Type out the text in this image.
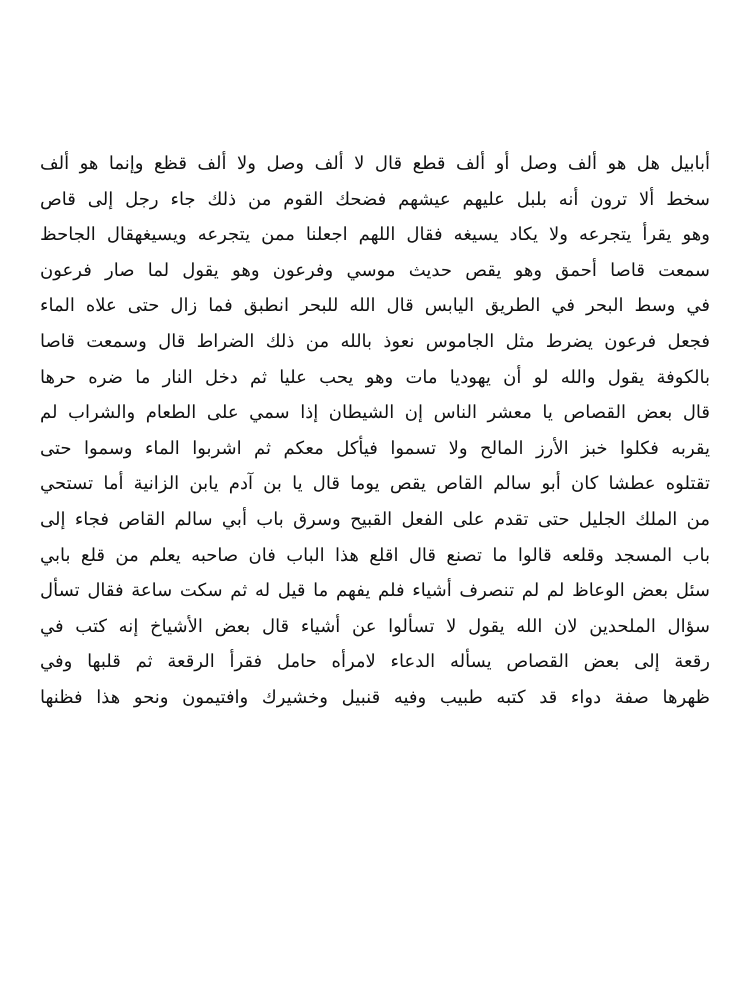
أبابيل هل هو ألف وصل أو ألف قطع قال لا ألف وصل ولا ألف قظع وإنما هو ألف
سخط ألا ترون أنه بلبل عليهم عيشهم فضحك القوم من ذلك جاء رجل إلى قاص
وهو يقرأ يتجرعه ولا يكاد يسيغه فقال اللهم اجعلنا ممن يتجرعه ويسيغهقال الجاحظ
سمعت قاصا أحمق وهو يقص حديث موسي وفرعون وهو يقول لما صار فرعون
في وسط البحر في الطريق اليابس قال الله للبحر انطبق فما زال حتى علاه الماء
فجعل فرعون يضرط مثل الجاموس نعوذ بالله من ذلك الضراط قال وسمعت قاصا
بالكوفة يقول والله لو أن يهوديا مات وهو يحب عليا ثم دخل النار ما ضره حرها
قال بعض القصاص يا معشر الناس إن الشيطان إذا سمي على الطعام والشراب لم
يقربه فكلوا خبز الأرز المالح ولا تسموا فيأكل معكم ثم اشربوا الماء وسموا حتى
تقتلوه عطشا كان أبو سالم القاص يقص يوما قال يا بن آدم يابن الزانية أما تستحي
من الملك الجليل حتى تقدم على الفعل القبيح وسرق باب أبي سالم القاص فجاء إلى
باب المسجد وقلعه قالوا ما تصنع قال اقلع هذا الباب فان صاحبه يعلم من قلع بابي
سئل بعض الوعاظ لم لم تنصرف أشياء فلم يفهم ما قيل له ثم سكت ساعة فقال تسأل
سؤال الملحدين لان الله يقول لا تسألوا عن أشياء قال بعض الأشياخ إنه كتب في
رقعة إلى بعض القصاص يسأله الدعاء لامرأه حامل فقرأ الرقعة ثم قلبها وفي
ظهرها صفة دواء قد كتبه طبيب وفيه قنبيل وخشيرك وافتيمون ونحو هذا فظنها
